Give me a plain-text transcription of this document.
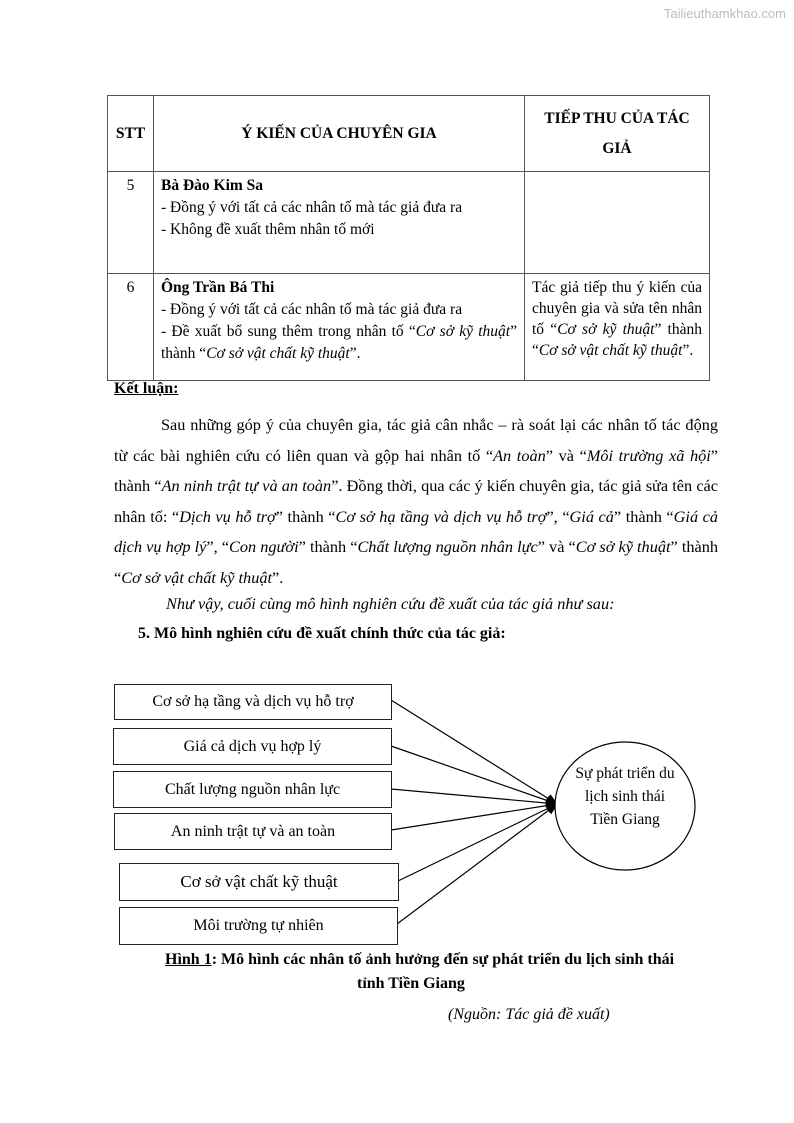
Tailieuthamkhao.com
STT	Ý KIẾN CỦA CHUYÊN GIA	TIẾP THU CỦA TÁC
GIẢ
5	Bà Đào Kim Sa
- Đồng ý với tất cả các nhân tố mà tác giả đưa ra
- Không đề xuất thêm nhân tố mới	

6	Ông Trần Bá Thi
- Đồng ý với tất cả các nhân tố mà tác giả đưa ra
- Đề xuất bổ sung thêm trong nhân tố “Cơ sở kỹ thuật” thành “Cơ sở vật chất kỹ thuật”.	Tác giả tiếp thu ý kiến của chuyên gia và sửa tên nhân tố “Cơ sở kỹ thuật” thành “Cơ sở vật chất kỹ thuật”.
Kết luận:
Sau những góp ý của chuyên gia, tác giả cân nhắc – rà soát lại các nhân tố tác động từ các bài nghiên cứu có liên quan và gộp hai nhân tố “An toàn” và “Môi trường xã hội” thành “An ninh trật tự và an toàn”. Đồng thời, qua các ý kiến chuyên gia, tác giả sửa tên các nhân tố: “Dịch vụ hỗ trợ” thành “Cơ sở hạ tầng và dịch vụ hỗ trợ”, “Giá cả” thành “Giá cả dịch vụ hợp lý”, “Con người” thành “Chất lượng nguồn nhân lực” và “Cơ sở kỹ thuật” thành “Cơ sở vật chất kỹ thuật”.
Như vậy, cuối cùng mô hình nghiên cứu đề xuất của tác giả như sau:
5. Mô hình nghiên cứu đề xuất chính thức của tác giả:
Cơ sở hạ tầng và dịch vụ hỗ trợ
Giá cả dịch vụ hợp lý
Chất lượng nguồn nhân lực
An ninh trật tự và an toàn
Cơ sở vật chất kỹ thuật
Môi trường tự nhiên
Sự phát triển du lịch sinh thái Tiền Giang
Hình 1: Mô hình các nhân tố ảnh hưởng đến sự phát triển du lịch sinh thái
tỉnh Tiền Giang
(Nguồn: Tác giả đề xuất)
